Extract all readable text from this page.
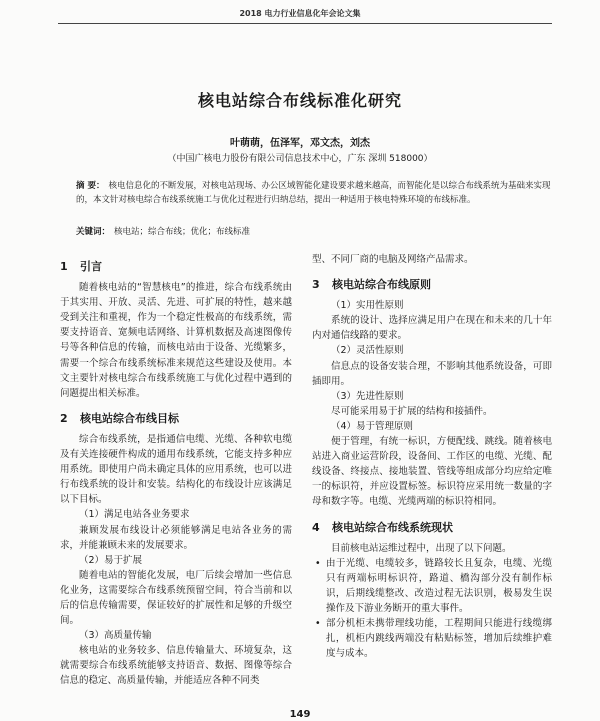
2018 电力行业信息化年会论文集
核电站综合布线标准化研究
叶萌萌，伍泽军，邓文杰，刘杰
（中国广核电力股份有限公司信息技术中心，广东 深圳 518000）
摘 要： 核电信息化的不断发展，对核电站现场、办公区域智能化建设要求越来越高，而智能化是以综合布线系统为基础来实现的，本文针对核电综合布线系统施工与优化过程进行归纳总结，提出一种适用于核电特殊环境的布线标准。
关键词： 核电站；综合布线；优化；布线标准
1 引言

随着核电站的“智慧核电”的推进，综合布线系统由于其实用、开放、灵活、先进、可扩展的特性，越来越受到关注和重视，作为一个稳定性极高的布线系统，需要支持语音、宽频电话网络、计算机数据及高速图像传号等各种信息的传输，而核电站由于设备、光缆繁多，需要一个综合布线系统标准来规范这些建设及使用。本文主要针对核电综合布线系统施工与优化过程中遇到的问题提出相关标准。

2 核电站综合布线目标

综合布线系统，是指通信电缆、光缆、各种软电缆及有关连接硬件构成的通用布线系统，它能支持多种应用系统。即使用户尚未确定具体的应用系统，也可以进行布线系统的设计和安装。结构化的布线设计应该满足以下目标。

（1）满足电站各业务要求

兼顾发展布线设计必须能够满足电站各业务的需求，并能兼顾未来的发展要求。

（2）易于扩展

随着电站的智能化发展，电厂后续会增加一些信息化业务，这需要综合布线系统预留空间，符合当前和以后的信息传输需要，保证较好的扩展性和足够的升级空间。

（3）高质量传输

核电站的业务较多、信息传输量大、环境复杂，这就需要综合布线系统能够支持语音、数据、图像等综合信息的稳定、高质量传输，并能适应各种不同类

型、不同厂商的电脑及网络产品需求。

3 核电站综合布线原则

（1）实用性原则

系统的设计、选择应满足用户在现在和未来的几十年内对通信线路的要求。

（2）灵活性原则

信息点的设备安装合理，不影响其他系统设备，可即插即用。

（3）先进性原则

尽可能采用易于扩展的结构和接插件。

（4）易于管理原则

便于管理，有统一标识，方便配线、跳线。随着核电站进入商业运营阶段，设备间、工作区的电缆、光缆、配线设备、终接点、接地装置、管线等组成部分均应给定唯一的标识符，并应设置标签。标识符应采用统一数量的字母和数字等。电缆、光缆两端的标识符相同。

4 核电站综合布线系统现状

目前核电站运维过程中，出现了以下问题。

• 由于光缆、电缆较多，链路较长且复杂，电缆、光缆只有两端标明标识符，路道、橋沟部分没有制作标识，后期线缆整改、改造过程无法识别，极易发生误操作及下游业务断开的重大事件。
• 部分机柜未携带理线功能，工程期间只能进行线缆绑扎，机柜内跳线两端没有粘贴标签，增加后续维护难度与成本。
149
